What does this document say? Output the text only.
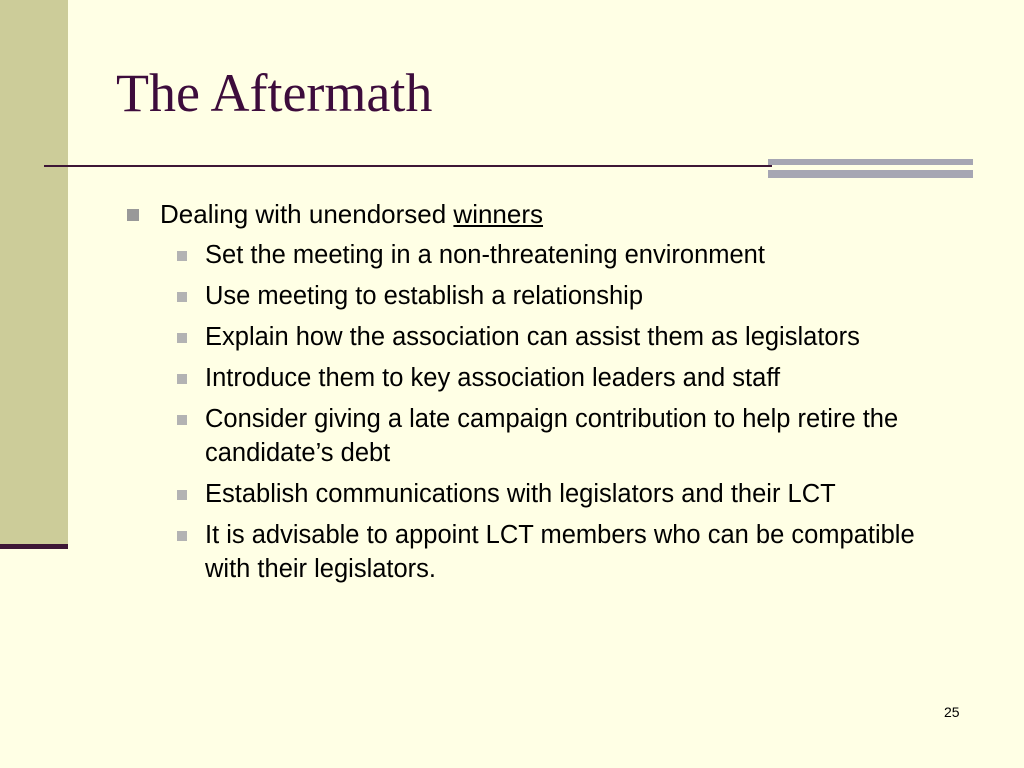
The Aftermath
Dealing with unendorsed winners
Set the meeting in a non-threatening environment
Use meeting to establish a relationship
Explain how the association can assist them as legislators
Introduce them to key association leaders and staff
Consider giving a late campaign contribution to help retire the candidate’s debt
Establish communications with legislators and their LCT
It is advisable to appoint LCT members who can be compatible with their legislators.
25
